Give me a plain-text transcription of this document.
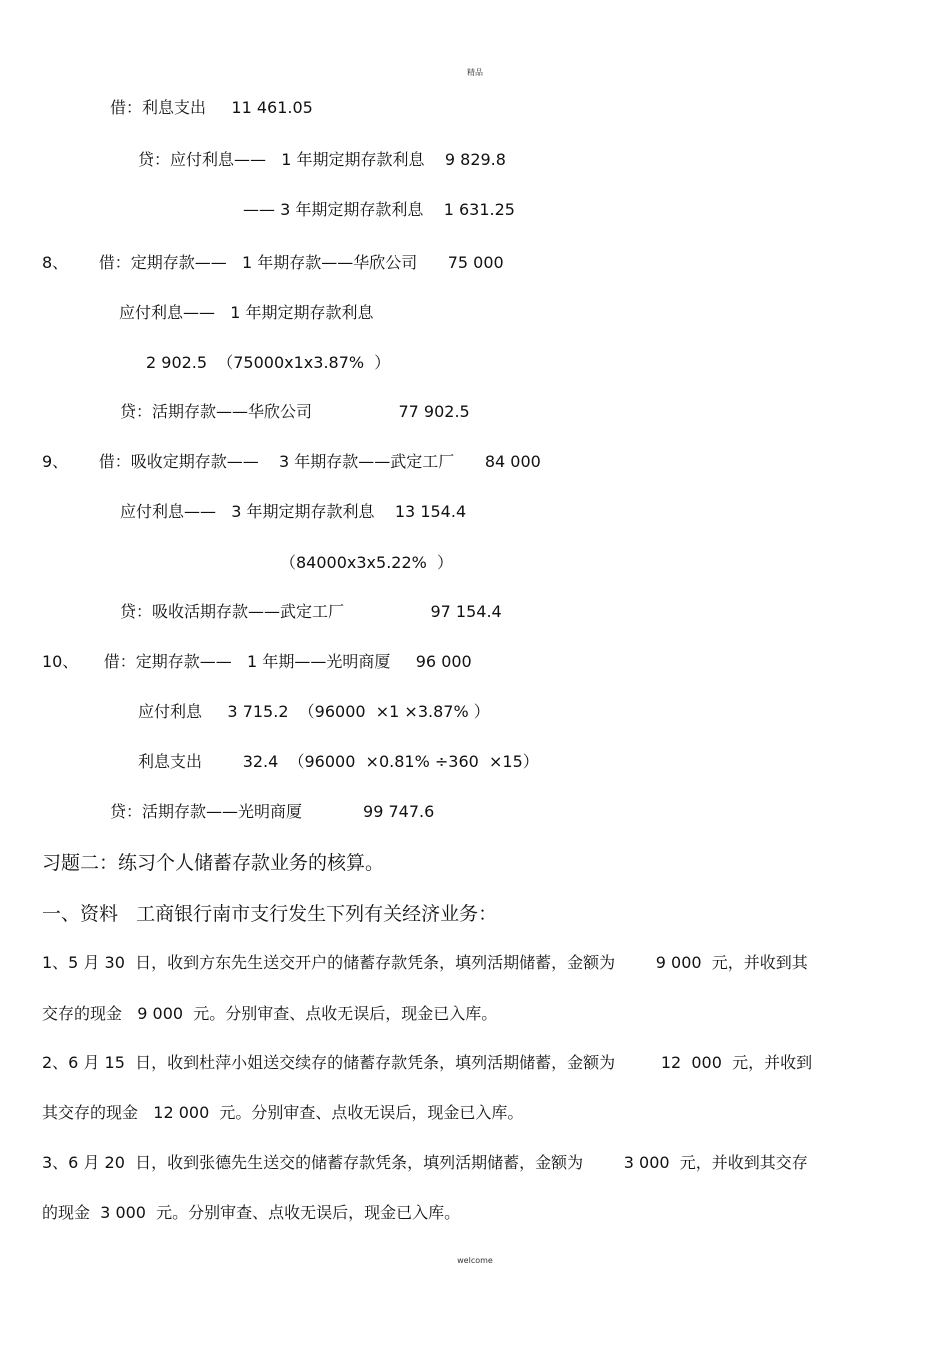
精品
借：利息支出     11 461.05
贷：应付利息——   1 年期定期存款利息    9 829.8
—— 3 年期定期存款利息    1 631.25
8、      借：定期存款——   1 年期存款——华欣公司      75 000
应付利息——   1 年期定期存款利息
2 902.5  （75000x1x3.87%  ）
贷：活期存款——华欣公司                 77 902.5
9、      借：吸收定期存款——    3 年期存款——武定工厂      84 000
应付利息——   3 年期定期存款利息    13 154.4
（84000x3x5.22%  ）
贷：吸收活期存款——武定工厂                 97 154.4
10、     借：定期存款——   1 年期——光明商厦     96 000
应付利息     3 715.2  （96000  ×1 ×3.87% ）
利息支出        32.4  （96000  ×0.81% ÷360  ×15）
贷：活期存款——光明商厦            99 747.6
习题二：练习个人储蓄存款业务的核算。
一、资料   工商银行南市支行发生下列有关经济业务：
1、5 月 30  日，收到方东先生送交开户的储蓄存款凭条，填列活期储蓄，金额为        9 000  元，并收到其
交存的现金   9 000  元。分别审查、点收无误后，现金已入库。
2、6 月 15  日，收到杜萍小姐送交续存的储蓄存款凭条，填列活期储蓄，金额为         12  000  元，并收到
其交存的现金   12 000  元。分别审查、点收无误后，现金已入库。
3、6 月 20  日，收到张德先生送交的储蓄存款凭条，填列活期储蓄，金额为        3 000  元，并收到其交存
的现金  3 000  元。分别审查、点收无误后，现金已入库。
welcome
